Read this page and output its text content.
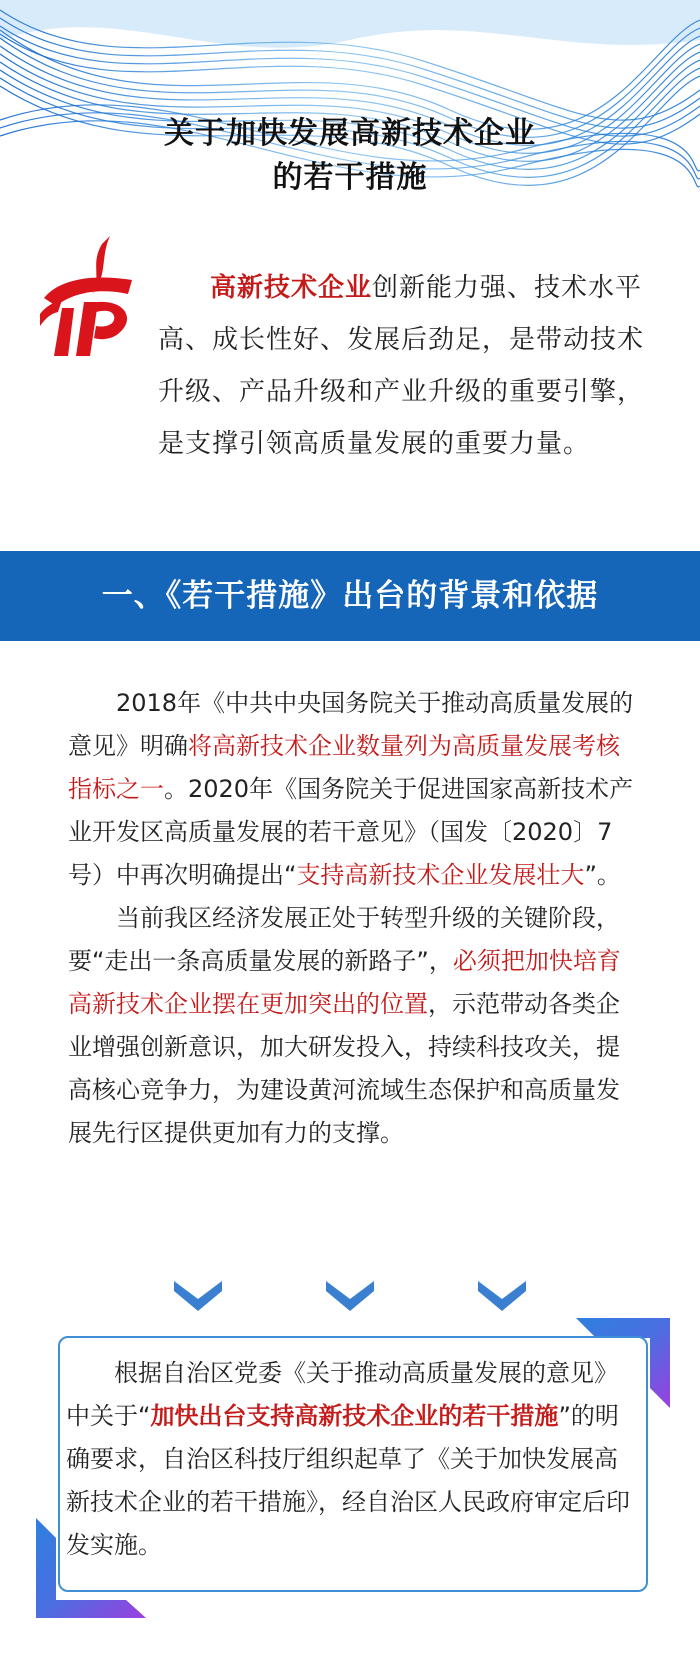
关于加快发展高新技术企业
的若干措施
高新技术企业创新能力强、技术水平高、成长性好、发展后劲足，是带动技术升级、产品升级和产业升级的重要引擎，是支撑引领高质量发展的重要力量。
一、《若干措施》出台的背景和依据

2018年《中共中央国务院关于推动高质量发展的意见》明确将高新技术企业数量列为高质量发展考核指标之一。2020年《国务院关于促进国家高新技术产业开发区高质量发展的若干意见》（国发〔2020〕7号）中再次明确提出“支持高新技术企业发展壮大”。

当前我区经济发展正处于转型升级的关键阶段，要“走出一条高质量发展的新路子”，必须把加快培育高新技术企业摆在更加突出的位置，示范带动各类企业增强创新意识，加大研发投入，持续科技攻关，提高核心竞争力，为建设黄河流域生态保护和高质量发展先行区提供更加有力的支撑。

根据自治区党委《关于推动高质量发展的意见》中关于“加快出台支持高新技术企业的若干措施”的明确要求，自治区科技厅组织起草了《关于加快发展高新技术企业的若干措施》，经自治区人民政府审定后印发实施。
